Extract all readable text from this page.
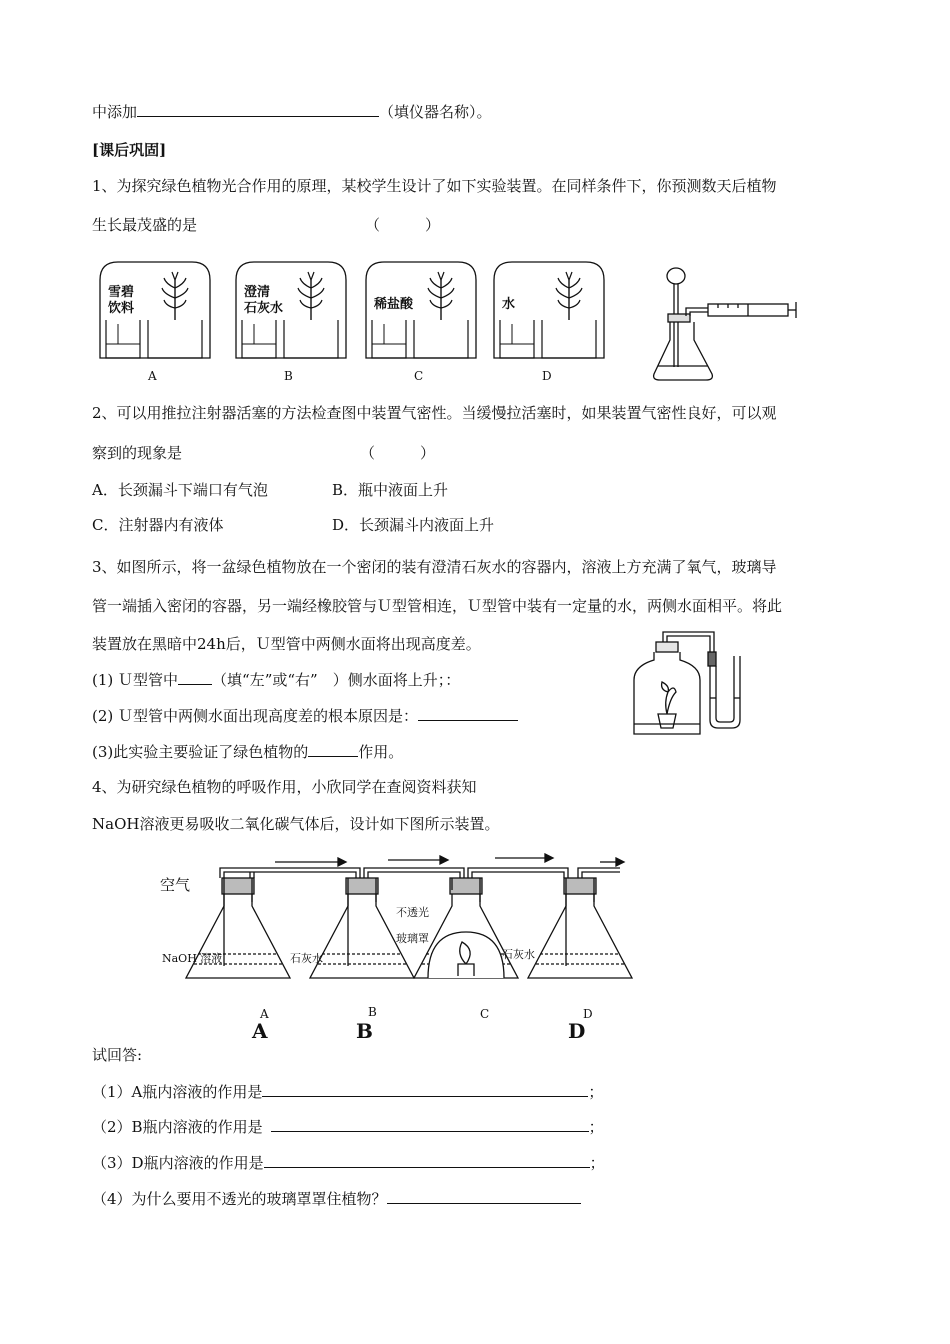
中添加	（填仪器名称）。
[课后巩固]
1、为探究绿色植物光合作用的原理，某校学生设计了如下实验装置。在同样条件下，你预测数天后植物
生长最茂盛的是	（　　　）
雪碧
饮料
A
澄清
石灰水
B
稀盐酸
C
水
D
2、可以用推拉注射器活塞的方法检查图中装置气密性。当缓慢拉活塞时，如果装置气密性良好，可以观
察到的现象是	（　　　）
A．长颈漏斗下端口有气泡	B．瓶中液面上升
C．注射器内有液体	D．长颈漏斗内液面上升
3、如图所示，将一盆绿色植物放在一个密闭的装有澄清石灰水的容器内，溶液上方充满了氧气，玻璃导
管一端插入密闭的容器，另一端经橡胶管与Ｕ型管相连，Ｕ型管中装有一定量的水，两侧水面相平。将此
装置放在黑暗中24h后，Ｕ型管中两侧水面将出现高度差。
(1) Ｕ型管中 （填“左”或“右”　）侧水面将上升；：
(2) Ｕ型管中两侧水面出现高度差的根本原因是：
(3)此实验主要验证了绿色植物的	作用。
4、为研究绿色植物的呼吸作用，小欣同学在查阅资料获知
NaOH溶液更易吸收二氧化碳气体后，设计如下图所示装置。
空气
NaOH 溶液	石灰水
不透光
玻璃罩
石灰水
A	B	C	D
A	B	D
试回答:
（1）A瓶内溶液的作用是	；
（2）B瓶内溶液的作用是	；
（3）D瓶内溶液的作用是	；
（4）为什么要用不透光的玻璃罩罩住植物？
